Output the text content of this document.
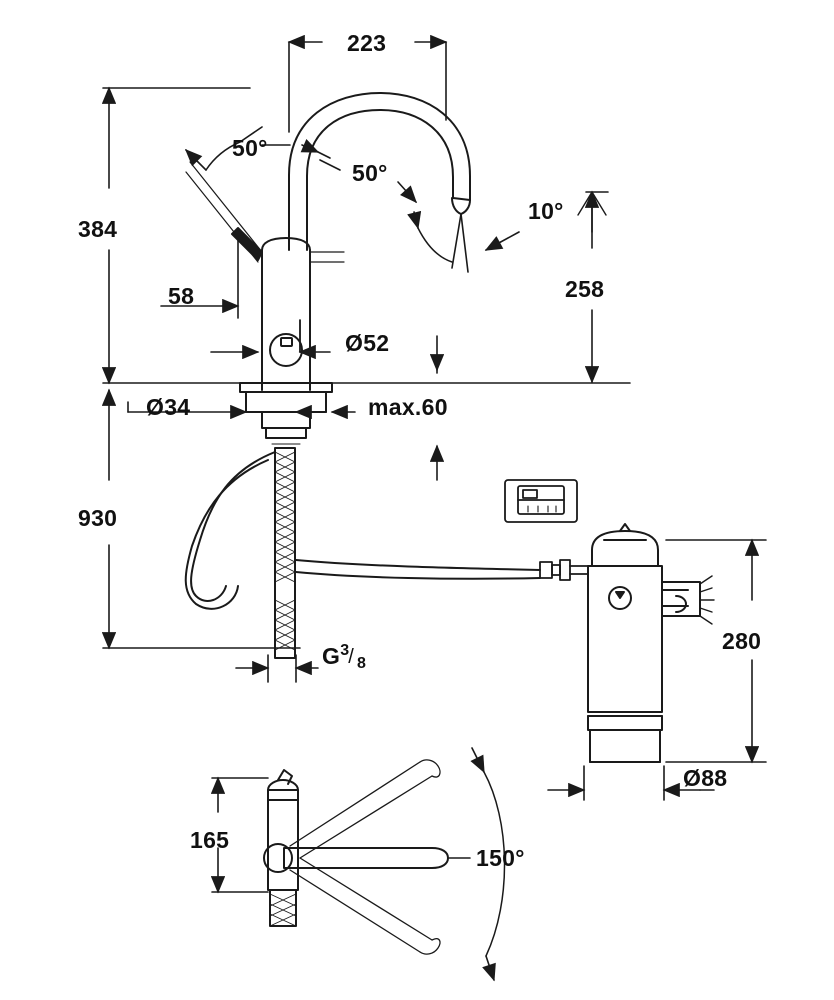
223
384
50°
50°
10°
258
58
Ø52
Ø34	max.60
930
G 3
/ 8
280
Ø88
165
150°
